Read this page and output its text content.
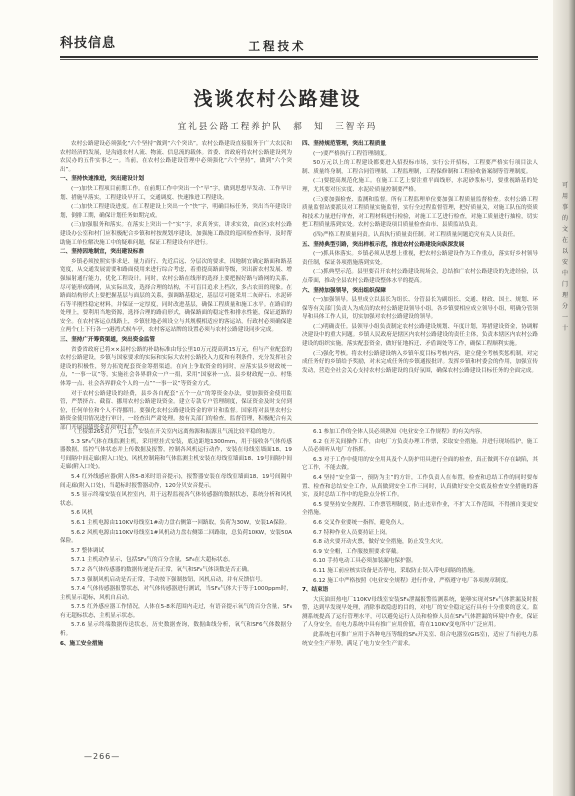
科技信息	工程技术
浅谈农村公路建设
宜礼县公路工程养护队　郝　知　三智辛玛

农村公路建设必须强化“六个坚持”做到“六个突出”。农村公路建设直接服务于广大农民和农村经济的发展，是沟通农村人流、物流、信息流的载体。省委、省政府将农村公路建设列为农民办的五件实事之一。当前，在农村公路建设管理中必须强化“六个坚持”，做到“六个突出”。

一、坚持快速推进，突出建设计划

(一)加快工程项目前期工作。在前期工作中突出一个“早”字，做到思想早发动、工作早计划、措施早落实，工程建设早开工，交通调度、快速推进工程建设。

(二)加快工程建设进度。在工程建设上突出一个“快”字，明确目标任务，突出当年建设计划，倒排工期，确保计划任务如期完成。

(三)加强服务和落实。在落实上突出一个“实”字，求真务实，讲求实效，由(区)农村公路建设办公室和村门应积极配合乡镇和村按规划序建设，加强施工路段的巡回检查指导，及时帮助施工单位解决施工中的疑难问题，保证工程建设有序进行。

二、坚持因地制宜，突出建设标准

乡镇必须按照实事求是、量力而行、先近后远、分层次的要求，因地制宜确定路面和路基宽度，从交通发展需要和路面使用来进行综合考虑，着重提高路面等级，突出新农村发展、增强辐射通行能力，优化工程设计。同时，农村公路在线形的选择上要把握好路与路网的关系，尽可能形成路网，从实际出发，选择合理的结构，不可盲目追求上档次，多占农田的现象。在路面结构形式上要把握基层与面层的关系，强调路基稳定，基层尽可能采用二灰碎石、水泥碎石等半刚性稳定材料，并保证一定厚度，同时改进基层，确保工程质量和施工水平。在路肩的处理上，要利用当地资源，选择合理的路肩形式，确保路面的稳定性和排水性能，保证道路的安全。在农村客运点线路上，乡镇驻地必须设立与其规模相适应的客运站，行政村必须确保建立两个(上下行各一)港湾式候车亭，农村客运站牌的设置必须与农村公路建设同步完成。

三、坚持广开筹资渠道，突出资金监管

省委省政府已将××县村公路的补助标准由每公里10万元提高到15万元，但与产业配套的农村公路建设，乡镇与国家要求的实际和实际大农村公路投入力度和有利条件，充分发挥社会建设的积极性，努力拓宽配套资金筹措渠道。在向上争取资金的同时，应落实县乡财政统一点，“一事一议”等，实施社会各界群众一户一捐，采用“国家补一点、县乡财政配一点、村集体筹一点、社会各界群众个人的一点”“一事一议”等资金方式。

对于农村公路建设的经费，县乡各自配套“五个一点”的筹资金办法，要加强资金使用监管，严禁挤占、截留、挪用农村公路建设资金。建立专款专户管理制度，保证资金及时支付到位，任何单位和个人不得挪用。要强化农村公路建设资金的审计和监督。国家将对县里农村公路资金使用情况进行审计，一经查出严肃处理。按有关部门的检查，监督管理，积极配合有关部门开展国债资金专项审计工作。

四、坚持规范管理，突出工程质量

(一)要严格执行工程管理制度。

50万元以上的工程建设都要进入招投标市场，实行公开招标，工程要严格实行项目法人制、质量终身制，工程合同管理制、工程监理制，工程保修制和工程验收备案制等管理制度。

(二)要提高规范化施工。在施工工艺上要注重平面线形，水泥砂浆标号，要重视路基的处理，尤其要对压实度、水泥砼质量控制要严格。

(三)要加强检查、监测和监督。所有工程监理单位要加强工程质量监督检查。农村公路工程质量监督站要派员对工程质量实施监督，实行全过程监督管理，把好质量关，对施工队伍的资质和技术力量进行审查，对工程材料进行检验，对施工工艺进行检查，对施工质量进行抽检，切实把工程质量落到实处。农村公路建设项目质量检查由市、县质监站负责。

(四)严格工程质量问责。认真执行质量责任制。对工程质量问题追究有关人员责任。

五、坚持典型引路，突出样板示范，推进农村公路建设向纵深发展

(一)抓具体落实。乡镇必须从思想上重视，把农村公路建设作为工作重点，落实好乡村领导责任制，保证各项措施落到实处。

(二)抓典型示范。县里要召开农村公路建设现场会，总结推广农村公路建设的先进经验，以点带面，推动全县农村公路建设整体水平的提高。

六、坚持加强领导，突出组织保障

(一)加强领导。县里成立以县长为组长、分管县长为副组长、交通、财政、国土、规划、环保等有关部门负责人为成员的农村公路建设领导小组。各乡镇要相应成立领导小组，明确分管领导和具体工作人员，切实加强对农村公路建设的领导。

(二)明确责任。县领导小组负责制定农村公路建设规划、年度计划，筹措建设资金，协调解决建设中的重大问题。乡镇人民政府是辖区内农村公路建设的责任主体，负责本辖区内农村公路建设的组织实施，落实配套资金，做好征地拆迁、矛盾调处等工作，确保工程顺利实施。

(三)强化考核。将农村公路建设纳入乡镇年度目标考核内容，建立健全考核奖惩机制，对完成任务好的乡镇给予奖励，对未完成任务的乡镇通报批评。发挥乡镇和村委会的作用，加强宣传发动，营造全社会关心支持农村公路建设的良好氛围，确保农村公路建设目标任务的全面完成。

（上接第265页）　元1套，安装在开关室内远离热源和振源且气流比较平稳的地方。

5.3 SF₆气体在线监测主机，采用壁挂式安装，底边距地1300mm，用于接收各气体传感器数据，监控气体状态并上传数据及报警，控制各风机运行动作，安装在母线室墙面18、19号间隔中间走廊(附入口处)，风机控制箱和气体监测主机安装在母线室墙面18、19号间隔中间走廊(附入口处)。

5.4 红外线感应器(附人体5-8米时语音提示)，报警器安装在母线室墙面18、19号间隔中间走廊(附入口处)，当超标时报警器动作，120分贝安音提示。

5.5 显示终端安装在风控室内，用于远程监视各气体传感器的数据状态，系统分析和风机状态。

5.6 风机

5.6.1 主机电源由110KV母线室1#动力盘右侧第一回路取，负荷为30W，安装1A保险。

5.6.2 风机电源由110KV母线室1#风机动力盘右侧第二回路取，总负荷10KW，安装50A保险。

5.7 整体调试

5.7.1 主机动作显示，包括SF₆气的百分含量，SF₆在大超标状态。

5.7.2 各气体传感器的数据传递是否正常，氧气和SF₆气体读数是否正确。

5.7.3 强制风机启动是否正常，手动按下强制按钮，风机启动，并有反馈信号。

5.7.4 气体传感器报警状态，对气体传感器进行测试，当SF₆气体大于等于1000ppm时，主机显示超标，风机自启动。

5.7.5 红外感应器工作情况，人体在5-8米范围内走过，有语音提示氧气的百分含量，SF₆有无超标状态，主机显示状态。

5.7.6 显示终端数据传送状态，历史数据查询，数据曲线分析，氧气和SF6气体数据分析。

6、施工安全措施

6.1 参加工作的全体人员必须熟知《电业安全工作规程》的有关内容。

6.2 在开关间操作工作，由电厂方负责办理工作票，采取安全措施。并进行现场监护，施工人员必须听从电厂方指挥。

6.3 对于工作中使用的安全用具及个人防护用具进行全面的检查，真正做到不存在缺陷，其它工作，不能去做。

6.4 坚持“安全第一，预防为主”的方针，工作负责人在布置，检查和总结工作的同时要布置、检查和总结安全工作，从真做到安全工作三同时，认真做好安全交底及检查安全措施的落实，及时总结工作中的危险点分析工作。

6.5 要坚持安全规程、工作票管理制度，防止违章作业，不扩大工作范围，不得擅自变更安全措施。

6.6 交叉作业要统一指挥，避免伤人。

6.7 特种作业人员要持证上岗。

6.8 动火要开动火票，做好安全措施，防止发生火灾。

6.9 安全帽，工作服按照要求穿戴。

6.10 手持电动工具必须加装漏电保护器。

6.11 施工前应核实设备是否停电，采取防止误入带电间隔的措施。

6.12 施工中严格按照《电业安全规程》进行作业，严格遵守电厂各项规章制度。

7、结束语

大庆油田热电厂110KV母线室安装SF₆泄漏报警监测系统，能够实现对SF₆气体泄漏及时报警，达到早发现早处理，消除事故隐患的目的，对电厂的安全稳定运行具有十分重要的意义。监测系统提高了运行管理水平，可以避免运行人员和检修人员在SF₆气体泄漏的环境中作业，保证了人身安全，在电力系统中具有推广应用价值，将在110KV变电所中广泛应用。

此系统也可推广应用于各种电压等级的SF₆开关室、组合电器室(GIS室)，适应了当前电力系统安全生产形势，满足了电力安全生产需求。

—266—
可
用
事
的
文
在
以
安
中
门
理
分
一
十
